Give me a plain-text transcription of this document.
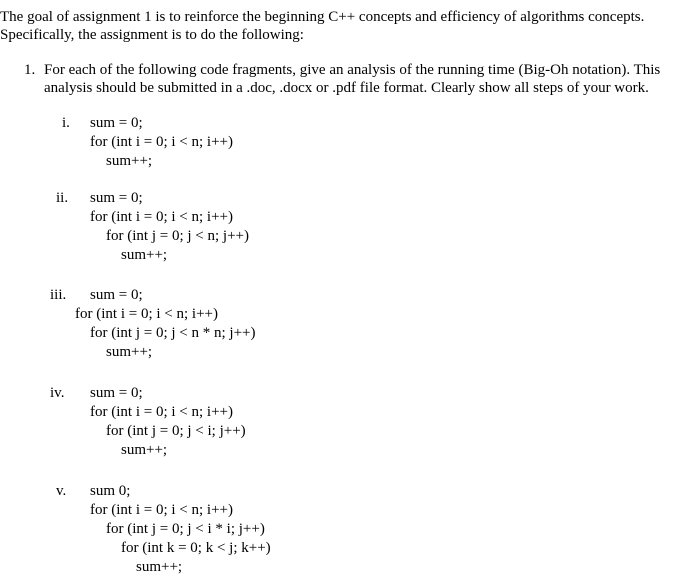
The goal of assignment 1 is to reinforce the beginning C++ concepts and efficiency of algorithms concepts.
Specifically, the assignment is to do the following:
1. For each of the following code fragments, give an analysis of the running time (Big-Oh notation). This
analysis should be submitted in a .doc, .docx or .pdf file format. Clearly show all steps of your work.
i. sum = 0;
for (int i = 0; i < n; i++)
sum++;
ii. sum = 0;
for (int i = 0; i < n; i++)
for (int j = 0; j < n; j++)
sum++;
iii. sum = 0;
for (int i = 0; i < n; i++)
for (int j = 0; j < n * n; j++)
sum++;
iv. sum = 0;
for (int i = 0; i < n; i++)
for (int j = 0; j < i; j++)
sum++;
v. sum 0;
for (int i = 0; i < n; i++)
for (int j = 0; j < i * i; j++)
for (int k = 0; k < j; k++)
sum++;
